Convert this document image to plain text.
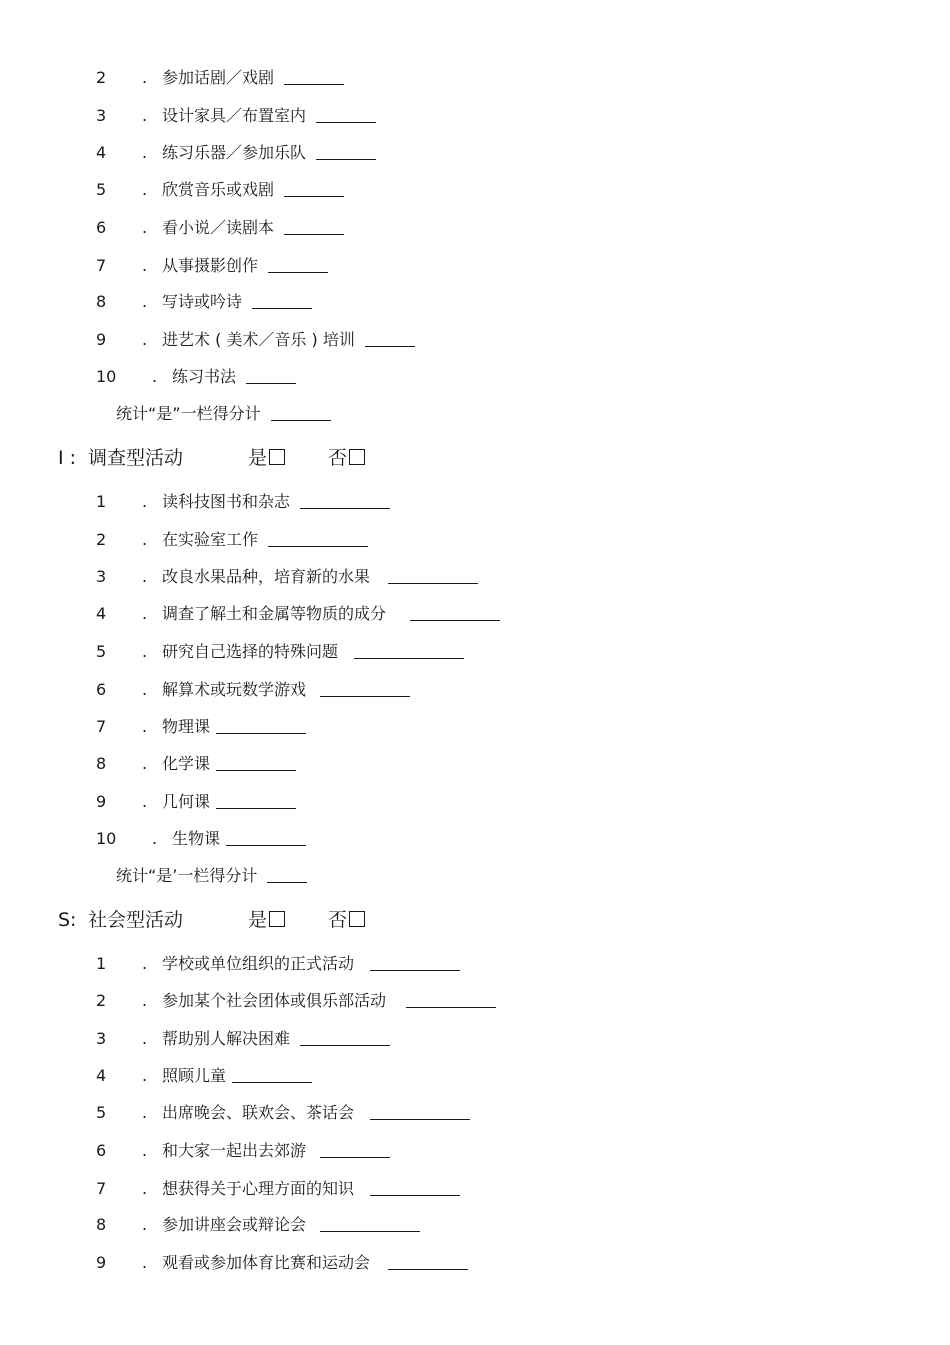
2	. 参加话剧／戏剧
3	. 设计家具／布置室内
4	. 练习乐器／参加乐队
5	. 欣赏音乐或戏剧
6	. 看小说／读剧本
7	. 从事摄影创作
8	. 写诗或吟诗
9	. 进艺术 ( 美术／音乐 ) 培训
10	. 练习书法
统计“是”一栏得分计
I : 调查型活动	是	否
1	. 读科技图书和杂志
2	. 在实验室工作
3	. 改良水果品种，培育新的水果
4	. 调查了解土和金属等物质的成分
5	. 研究自己选择的特殊问题
6	. 解算术或玩数学游戏
7	. 物理课
8	. 化学课
9	. 几何课
10	. 生物课
统计“是’一栏得分计
S: 社会型活动	是	否
1	. 学校或单位组织的正式活动
2	. 参加某个社会团体或俱乐部活动
3	. 帮助别人解决困难
4	. 照顾儿童
5	. 出席晚会、联欢会、茶话会
6	. 和大家一起出去郊游
7	. 想获得关于心理方面的知识
8	. 参加讲座会或辩论会
9	. 观看或参加体育比赛和运动会
